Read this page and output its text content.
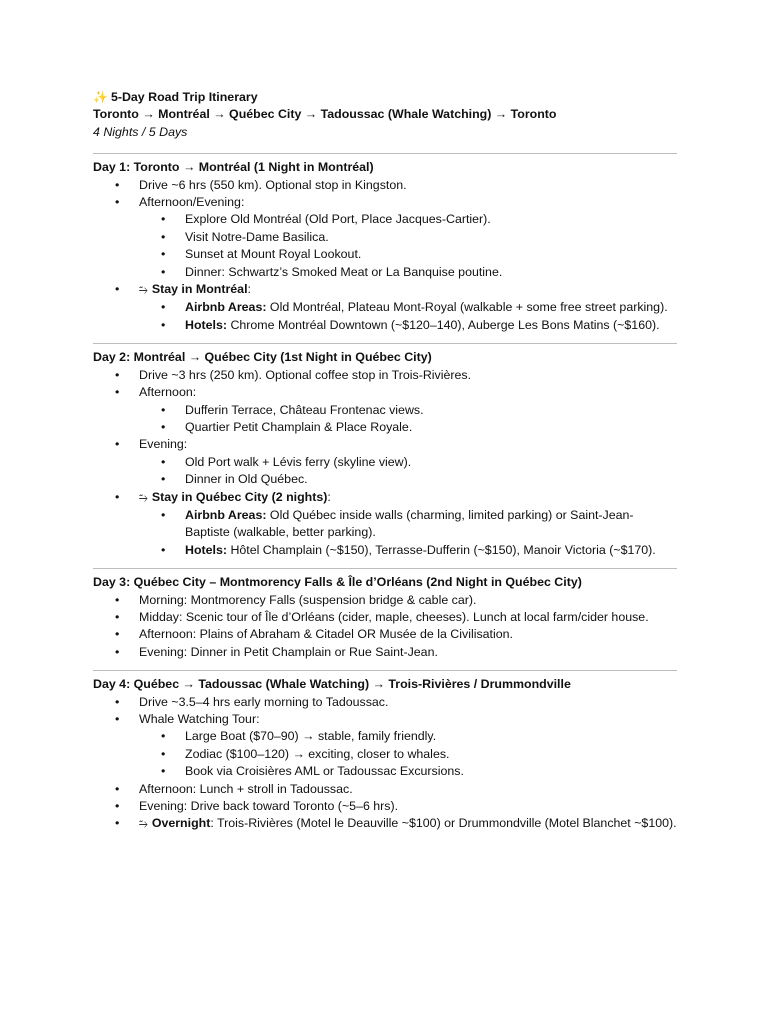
✨ 5-Day Road Trip Itinerary
Toronto → Montréal → Québec City → Tadoussac (Whale Watching) → Toronto
4 Nights / 5 Days
Day 1: Toronto → Montréal (1 Night in Montréal)
• Drive ~6 hrs (550 km). Optional stop in Kingston.
• Afternoon/Evening:
• Explore Old Montréal (Old Port, Place Jacques-Cartier).
• Visit Notre-Dame Basilica.
• Sunset at Mount Royal Lookout.
• Dinner: Schwartz’s Smoked Meat or La Banquise poutine.
• ⥲ Stay in Montréal:
• Airbnb Areas: Old Montréal, Plateau Mont-Royal (walkable + some free street parking).
• Hotels: Chrome Montréal Downtown (~$120–140), Auberge Les Bons Matins (~$160).
Day 2: Montréal → Québec City (1st Night in Québec City)
• Drive ~3 hrs (250 km). Optional coffee stop in Trois-Rivières.
• Afternoon:
• Dufferin Terrace, Château Frontenac views.
• Quartier Petit Champlain & Place Royale.
• Evening:
• Old Port walk + Lévis ferry (skyline view).
• Dinner in Old Québec.
• ⥲ Stay in Québec City (2 nights):
• Airbnb Areas: Old Québec inside walls (charming, limited parking) or Saint-Jean-Baptiste (walkable, better parking).
• Hotels: Hôtel Champlain (~$150), Terrasse-Dufferin (~$150), Manoir Victoria (~$170).
Day 3: Québec City – Montmorency Falls & Île d’Orléans (2nd Night in Québec City)
• Morning: Montmorency Falls (suspension bridge & cable car).
• Midday: Scenic tour of Île d’Orléans (cider, maple, cheeses). Lunch at local farm/cider house.
• Afternoon: Plains of Abraham & Citadel OR Musée de la Civilisation.
• Evening: Dinner in Petit Champlain or Rue Saint-Jean.
Day 4: Québec → Tadoussac (Whale Watching) → Trois-Rivières / Drummondville
• Drive ~3.5–4 hrs early morning to Tadoussac.
• Whale Watching Tour:
• Large Boat ($70–90) → stable, family friendly.
• Zodiac ($100–120) → exciting, closer to whales.
• Book via Croisières AML or Tadoussac Excursions.
• Afternoon: Lunch + stroll in Tadoussac.
• Evening: Drive back toward Toronto (~5–6 hrs).
• ⥲ Overnight: Trois-Rivières (Motel le Deauville ~$100) or Drummondville (Motel Blanchet ~$100).
